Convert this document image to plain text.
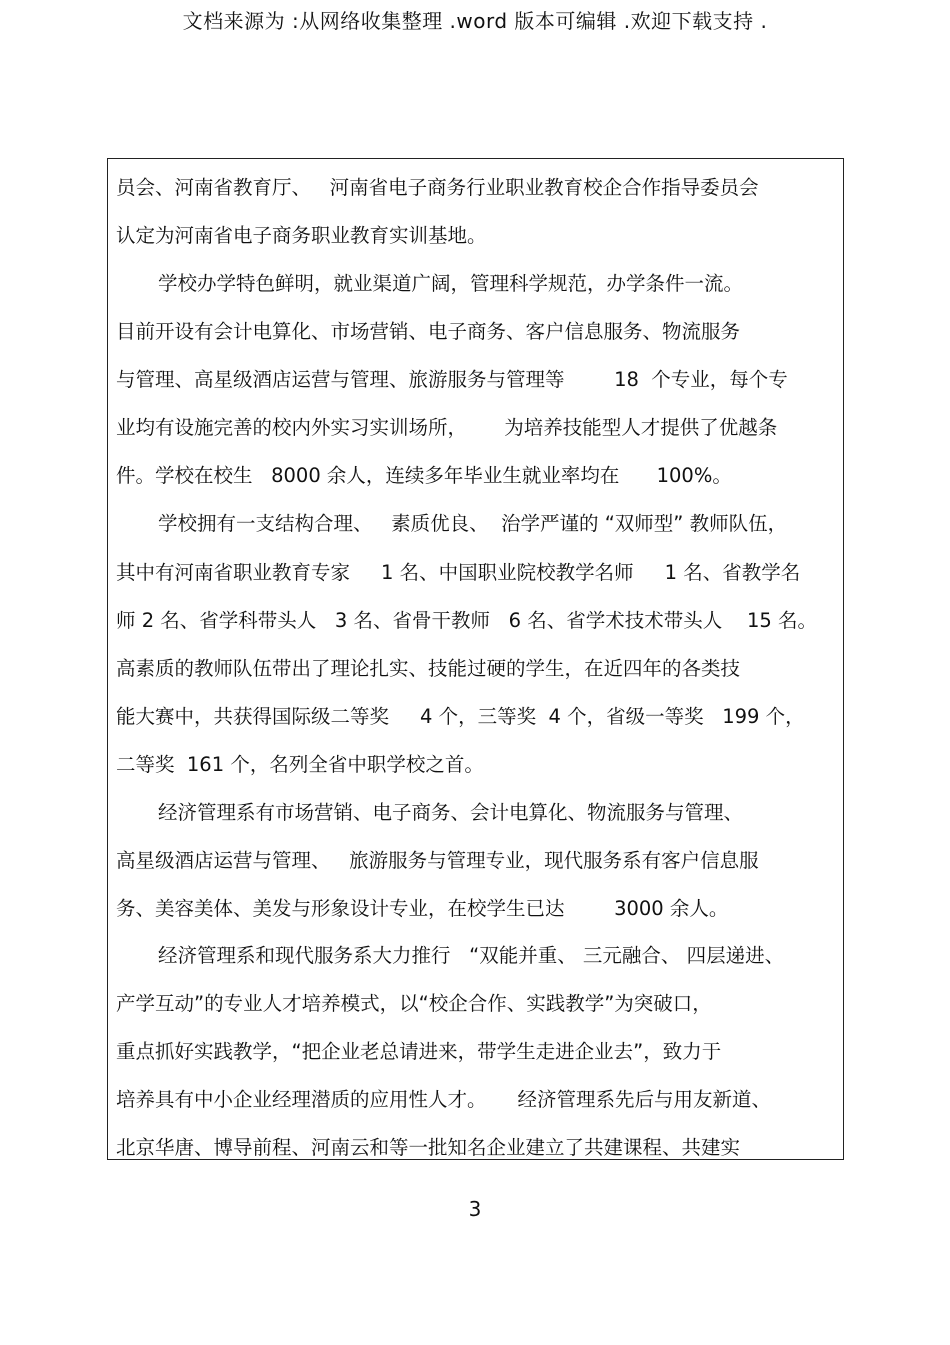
文档来源为 :从网络收集整理 .word 版本可编辑 .欢迎下载支持 .
员会、河南省教育厅、   河南省电子商务行业职业教育校企合作指导委员会
认定为河南省电子商务职业教育实训基地。
学校办学特色鲜明，就业渠道广阔，管理科学规范，办学条件一流。
目前开设有会计电算化、市场营销、电子商务、客户信息服务、物流服务
与管理、高星级酒店运营与管理、旅游服务与管理等        18  个专业，每个专
业均有设施完善的校内外实习实训场所，      为培养技能型人才提供了优越条
件。学校在校生   8000 余人，连续多年毕业生就业率均在      100%。
学校拥有一支结构合理、   素质优良、  治学严谨的 “双师型” 教师队伍，
其中有河南省职业教育专家     1 名、中国职业院校教学名师     1 名、省教学名
师 2 名、省学科带头人   3 名、省骨干教师   6 名、省学术技术带头人    15 名。
高素质的教师队伍带出了理论扎实、技能过硬的学生，在近四年的各类技
能大赛中，共获得国际级二等奖     4 个，三等奖  4 个，省级一等奖   199 个，
二等奖  161 个，名列全省中职学校之首。
经济管理系有市场营销、电子商务、会计电算化、物流服务与管理、
高星级酒店运营与管理、   旅游服务与管理专业，现代服务系有客户信息服
务、美容美体、美发与形象设计专业，在校学生已达        3000 余人。
经济管理系和现代服务系大力推行   “双能并重、 三元融合、 四层递进、
产学互动”的专业人才培养模式，以“校企合作、实践教学”为突破口，
重点抓好实践教学，“把企业老总请进来，带学生走进企业去”，致力于
培养具有中小企业经理潜质的应用性人才。     经济管理系先后与用友新道、
北京华唐、博导前程、河南云和等一批知名企业建立了共建课程、共建实
3
